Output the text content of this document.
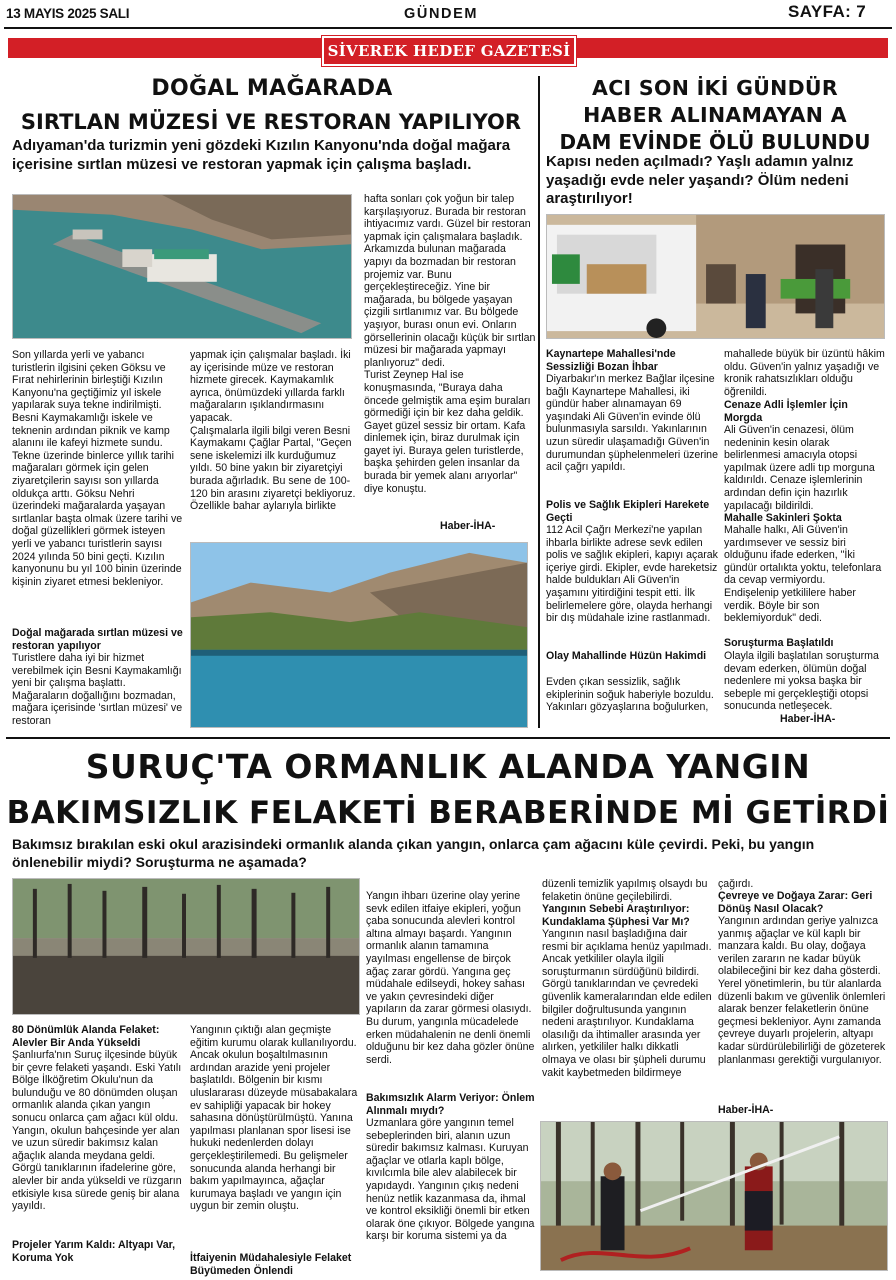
13 MAYIS 2025 SALI	GÜNDEM	SAYFA: 7
SİVEREK HEDEF GAZETESİ
DOĞAL MAĞARADA
SIRTLAN MÜZESİ VE RESTORAN YAPILIYOR
Adıyaman'da turizmin yeni gözdeki Kızılın Kanyonu'nda doğal mağara içerisine sırtlan müzesi ve restoran yapmak için çalışma başladı.
Son yıllarda yerli ve yabancı turistlerin ilgisini çeken Göksu ve Fırat nehirlerinin birleştiği Kızılın Kanyonu'na geçtiğimiz yıl iskele yapılarak suya tekne indirilmişti. Besni Kaymakamlığı iskele ve teknenin ardından piknik ve kamp alanını ile kafeyi hizmete sundu.
Tekne üzerinde binlerce yıllık tarihi mağaraları görmek için gelen ziyaretçilerin sayısı son yıllarda oldukça arttı. Göksu Nehri üzerindeki mağaralarda yaşayan sırtlanlar başta olmak üzere tarihi ve doğal güzellikleri görmek isteyen yerli ve yabancı turistlerin sayısı 2024 yılında 50 bini geçti. Kızılın kanyonunu bu yıl 100 binin üzerinde kişinin ziyaret etmesi bekleniyor.
Doğal mağarada sırtlan müzesi ve restoran yapılıyor
Turistlere daha iyi bir hizmet verebilmek için Besni Kaymakamlığı yeni bir çalışma başlattı. Mağaraların doğallığını bozmadan, mağara içerisinde 'sırtlan müzesi' ve restoran
yapmak için çalışmalar başladı. İki ay içerisinde müze ve restoran hizmete girecek. Kaymakamlık ayrıca, önümüzdeki yıllarda farklı mağaraların ışıklandırmasını yapacak.
Çalışmalarla ilgili bilgi veren Besni Kaymakamı Çağlar Partal, "Geçen sene iskelemizi ilk kurduğumuz yıldı. 50 bine yakın bir ziyaretçiyi burada ağırladık. Bu sene de 100-120 bin arasını ziyaretçi bekliyoruz. Özellikle bahar aylarıyla birlikte
hafta sonları çok yoğun bir talep karşılaşıyoruz. Burada bir restoran ihtiyacımız vardı. Güzel bir restoran yapmak için çalışmalara başladık. Arkamızda bulunan mağarada yapıyı da bozmadan bir restoran projemiz var. Bunu gerçekleştireceğiz. Yine bir mağarada, bu bölgede yaşayan çizgili sırtlanımız var. Bu bölgede yaşıyor, burası onun evi. Onların görsellerinin olacağı küçük bir sırtlan müzesi bir mağarada yapmayı planlıyoruz" dedi.
Turist Zeynep Hal ise konuşmasında, "Buraya daha öncede gelmiştik ama eşim buraları görmediği için bir kez daha geldik.
Gayet güzel sessiz bir ortam. Kafa dinlemek için, biraz durulmak için gayet iyi. Buraya gelen turistlerde, başka şehirden gelen insanlar da burada bir yemek alanı arıyorlar" diye konuştu.
Haber-İHA-
ACI SON İKİ GÜNDÜR
HABER ALINAMAYAN A
DAM EVİNDE ÖLÜ BULUNDU
Kapısı neden açılmadı? Yaşlı adamın yalnız yaşadığı evde neler yaşandı? Ölüm nedeni araştırılıyor!
Kaynartepe Mahallesi'nde Sessizliği Bozan İhbar
Diyarbakır'ın merkez Bağlar ilçesine bağlı Kaynartepe Mahallesi, iki gündür haber alınamayan 69 yaşındaki Ali Güven'in evinde ölü bulunmasıyla sarsıldı. Yakınlarının uzun süredir ulaşamadığı Güven'in durumundan şüphelenmeleri üzerine acil çağrı yapıldı.
Polis ve Sağlık Ekipleri Harekete Geçti
112 Acil Çağrı Merkezi'ne yapılan ihbarla birlikte adrese sevk edilen polis ve sağlık ekipleri, kapıyı açarak içeriye girdi. Ekipler, evde hareketsiz halde buldukları Ali Güven'in yaşamını yitirdiğini tespit etti. İlk belirlemelere göre, olayda herhangi bir dış müdahale izine rastlanmadı.
Olay Mahallinde Hüzün Hakimdi
Evden çıkan sessizlik, sağlık ekiplerinin soğuk haberiyle bozuldu. Yakınları gözyaşlarına boğulurken,
mahallede büyük bir üzüntü hâkim oldu. Güven'in yalnız yaşadığı ve kronik rahatsızlıkları olduğu öğrenildi.
Cenaze Adli İşlemler İçin Morgda
Ali Güven'in cenazesi, ölüm nedeninin kesin olarak belirlenmesi amacıyla otopsi yapılmak üzere adli tıp morguna kaldırıldı. Cenaze işlemlerinin ardından defin için hazırlık yapılacağı bildirildi.
Mahalle Sakinleri Şokta
Mahalle halkı, Ali Güven'in yardımsever ve sessiz biri olduğunu ifade ederken, "İki gündür ortalıkta yoktu, telefonlara da cevap vermiyordu.
Endişelenip yetkililere haber verdik. Böyle bir son beklemiyorduk" dedi.
Soruşturma Başlatıldı
Olayla ilgili başlatılan soruşturma devam ederken, ölümün doğal nedenlere mi yoksa başka bir sebeple mi gerçekleştiği otopsi sonucunda netleşecek.
Haber-İHA-
SURUÇ'TA ORMANLIK ALANDA YANGIN
BAKIMSIZLIK FELAKETİ BERABERİNDE Mİ GETİRDİ
Bakımsız bırakılan eski okul arazisindeki ormanlık alanda çıkan yangın, onlarca çam ağacını küle çevirdi. Peki, bu yangın önlenebilir miydi? Soruşturma ne aşamada?
80 Dönümlük Alanda Felaket: Alevler Bir Anda Yükseldi
Şanlıurfa'nın Suruç ilçesinde büyük bir çevre felaketi yaşandı. Eski Yatılı Bölge İlköğretim Okulu'nun da bulunduğu ve 80 dönümden oluşan ormanlık alanda çıkan yangın sonucu onlarca çam ağacı kül oldu. Yangın, okulun bahçesinde yer alan ve uzun süredir bakımsız kalan ağaçlık alanda meydana geldi. Görgü tanıklarının ifadelerine göre, alevler bir anda yükseldi ve rüzgarın etkisiyle kısa sürede geniş bir alana yayıldı.
Projeler Yarım Kaldı: Altyapı Var, Koruma Yok
Yangının çıktığı alan geçmişte eğitim kurumu olarak kullanılıyordu. Ancak okulun boşaltılmasının ardından arazide yeni projeler başlatıldı. Bölgenin bir kısmı uluslararası düzeyde müsabakalara ev sahipliği yapacak bir hokey sahasına dönüştürülmüştü. Yanına yapılması planlanan spor lisesi ise hukuki nedenlerden dolayı gerçekleştirilemedi. Bu gelişmeler sonucunda alanda herhangi bir bakım yapılmayınca, ağaçlar kurumaya başladı ve yangın için uygun bir zemin oluştu.
İtfaiyenin Müdahalesiyle Felaket Büyümeden Önlendi
Yangın ihbarı üzerine olay yerine sevk edilen itfaiye ekipleri, yoğun çaba sonucunda alevleri kontrol altına almayı başardı. Yangının ormanlık alanın tamamına yayılması engellense de birçok ağaç zarar gördü. Yangına geç müdahale edilseydi, hokey sahası ve yakın çevresindeki diğer yapıların da zarar görmesi olasıydı. Bu durum, yangınla mücadelede erken müdahalenin ne denli önemli olduğunu bir kez daha gözler önüne serdi.
Bakımsızlık Alarm Veriyor: Önlem Alınmalı mıydı?
Uzmanlara göre yangının temel sebeplerinden biri, alanın uzun süredir bakımsız kalması. Kuruyan ağaçlar ve otlarla kaplı bölge, kıvılcımla bile alev alabilecek bir yapıdaydı. Yangının çıkış nedeni henüz netlik kazanmasa da, ihmal ve kontrol eksikliği önemli bir etken olarak öne çıkıyor. Bölgede yangına karşı bir koruma sistemi ya da
düzenli temizlik yapılmış olsaydı bu felaketin önüne geçilebilirdi.
Yangının Sebebi Araştırılıyor: Kundaklama Şüphesi Var Mı?
Yangının nasıl başladığına dair resmi bir açıklama henüz yapılmadı. Ancak yetkililer olayla ilgili soruşturmanın sürdüğünü bildirdi. Görgü tanıklarından ve çevredeki güvenlik kameralarından elde edilen bilgiler doğrultusunda yangının nedeni araştırılıyor. Kundaklama olasılığı da ihtimaller arasında yer alırken, yetkililer halkı dikkatli olmaya ve olası bir şüpheli durumu vakit kaybetmeden bildirmeye
çağırdı.
Çevreye ve Doğaya Zarar: Geri Dönüş Nasıl Olacak?
Yangının ardından geriye yalnızca yanmış ağaçlar ve kül kaplı bir manzara kaldı. Bu olay, doğaya verilen zararın ne kadar büyük olabileceğini bir kez daha gösterdi. Yerel yönetimlerin, bu tür alanlarda düzenli bakım ve güvenlik önlemleri alarak benzer felaketlerin önüne geçmesi bekleniyor. Aynı zamanda çevreye duyarlı projelerin, altyapı kadar sürdürülebilirliği de gözeterek planlanması gerektiği vurgulanıyor.
Haber-İHA-
